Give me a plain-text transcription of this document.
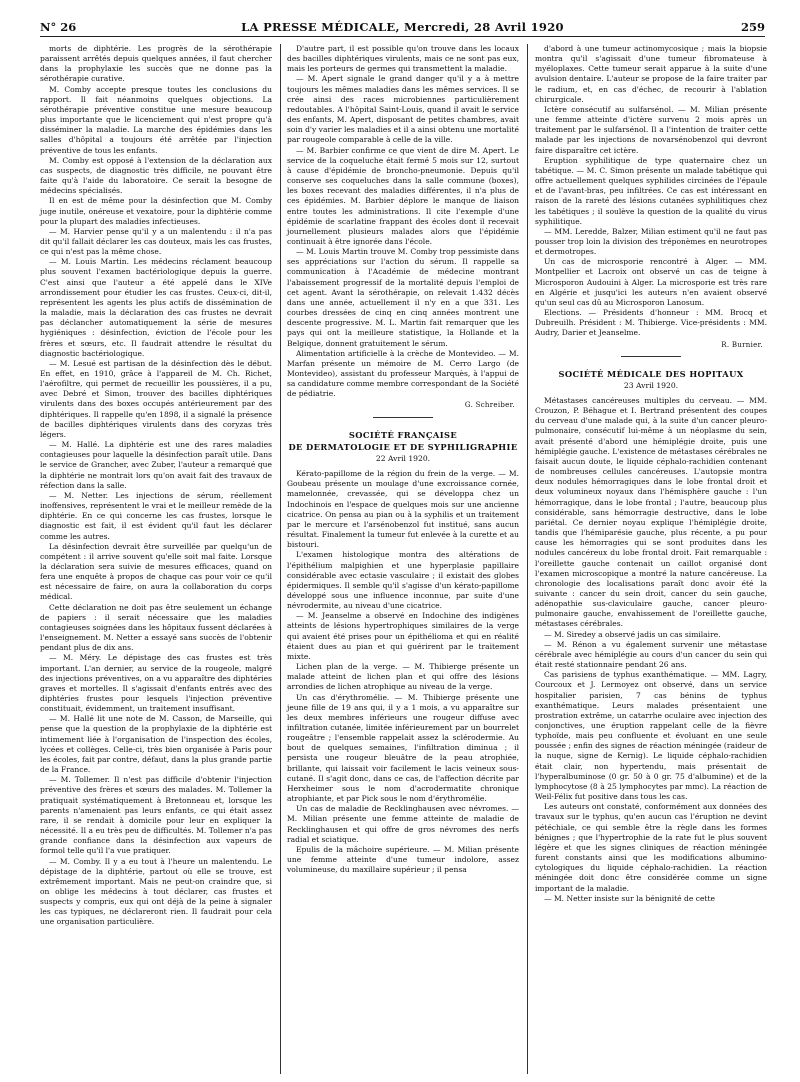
N° 26	LA PRESSE MÉDICALE, Mercredi, 28 Avril 1920	259

morts de diphtérie. Les progrès de la sérothérapie paraissent arrêtés depuis quelques années, il faut chercher dans la prophylaxie les succès que ne donne pas la sérothérapie curative.

M. Comby accepte presque toutes les conclusions du rapport. Il fait néanmoins quelques objections. La sérothérapie préventive constitue une mesure beaucoup plus importante que le licenciement qui n'est propre qu'à disséminer la maladie. La marche des épidémies dans les salles d'hôpital a toujours été arrêtée par l'injection préventive de tous les enfants.

M. Comby est opposé à l'extension de la déclaration aux cas suspects, de diagnostic très difficile, ne pouvant être faite qu'à l'aide du laboratoire. Ce serait la besogne de médecins spécialisés.

Il en est de même pour la désinfection que M. Comby juge inutile, onéreuse et vexatoire, pour la diphtérie comme pour la plupart des maladies infectieuses.

— M. Harvier pense qu'il y a un malentendu : il n'a pas dit qu'il fallait déclarer les cas douteux, mais les cas frustes, ce qui n'est pas la même chose.

— M. Louis Martin. Les médecins réclament beaucoup plus souvent l'examen bactériologique depuis la guerre. C'est ainsi que l'auteur a été appelé dans le XIVe arrondissement pour étudier les cas frustes. Ceux-ci, dit-il, représentent les agents les plus actifs de dissémination de la maladie, mais la déclaration des cas frustes ne devrait pas déclancher automatiquement la série de mesures hygiéniques : désinfection, éviction de l'école pour les frères et sœurs, etc. Il faudrait attendre le résultat du diagnostic bactériologique.

— M. Lesué est partisan de la désinfection dès le début. En effet, en 1910, grâce à l'appareil de M. Ch. Richet, l'aérofiltre, qui permet de recueillir les poussières, il a pu, avec Debré et Simon, trouver des bacilles diphtériques virulents dans des boxes occupés antérieurement par des diphtériques. Il rappelle qu'en 1898, il a signalé la présence de bacilles diphtériques virulents dans des coryzas très légers.

— M. Hallé. La diphtérie est une des rares maladies contagieuses pour laquelle la désinfection paraît utile. Dans le service de Grancher, avec Zuber, l'auteur a remarqué que la diphtérie ne montrait lors qu'on avait fait des travaux de réfection dans la salle.

— M. Netter. Les injections de sérum, réellement inoffensives, représentent le vrai et le meilleur remède de la diphtérie. En ce qui concerne les cas frustes, lorsque le diagnostic est fait, il est évident qu'il faut les déclarer comme les autres.

La désinfection devrait être surveillée par quelqu'un de compétent : il arrive souvent qu'elle soit mal faite. Lorsque la déclaration sera suivie de mesures efficaces, quand on fera une enquête à propos de chaque cas pour voir ce qu'il est nécessaire de faire, on aura la collaboration du corps médical.

Cette déclaration ne doit pas être seulement un échange de papiers : il serait nécessaire que les maladies contagieuses soignées dans les hôpitaux fussent déclarées à l'enseignement. M. Netter a essayé sans succès de l'obtenir pendant plus de dix ans.

— M. Méry. Le dépistage des cas frustes est très important. L'an dernier, au service de la rougeole, malgré des injections préventives, on a vu apparaître des diphtéries graves et mortelles. Il s'agissait d'enfants entrés avec des diphtéries frustes pour lesquels l'injection préventive constituait, évidemment, un traitement insuffisant.

— M. Hallé lit une note de M. Casson, de Marseille, qui pense que la question de la prophylaxie de la diphtérie est intimement liée à l'organisation de l'inspection des écoles, lycées et collèges. Celle-ci, très bien organisée à Paris pour les écoles, fait par contre, défaut, dans la plus grande partie de la France.

— M. Tollemer. Il n'est pas difficile d'obtenir l'injection préventive des frères et sœurs des malades. M. Tollemer la pratiquait systématiquement à Bretonneau et, lorsque les parents n'amenaient pas leurs enfants, ce qui était assez rare, il se rendait à domicile pour leur en expliquer la nécessité. Il a eu très peu de difficultés. M. Tollemer n'a pas grande confiance dans la désinfection aux vapeurs de formol telle qu'il l'a vue pratiquer.

— M. Comby. Il y a eu tout à l'heure un malentendu. Le dépistage de la diphtérie, partout où elle se trouve, est extrêmement important. Mais ne peut-on craindre que, si on oblige les médecins à tout déclarer, cas frustes et suspects y compris, eux qui ont déjà de la peine à signaler les cas typiques, ne déclareront rien. Il faudrait pour cela une organisation particulière.

D'autre part, il est possible qu'on trouve dans les locaux des bacilles diphtériques virulents, mais ce ne sont pas eux, mais les porteurs de germes qui transmettent la maladie.

— M. Apert signale le grand danger qu'il y a à mettre toujours les mêmes maladies dans les mêmes services. Il se crée ainsi des races microbiennes particulièrement redoutables. A l'hôpital Saint-Louis, quand il avait le service des enfants, M. Apert, disposant de petites chambres, avait soin d'y varier les maladies et il a ainsi obtenu une mortalité par rougeole comparable à celle de la ville.

— M. Barbier confirme ce que vient de dire M. Apert. Le service de la coqueluche était fermé 5 mois sur 12, surtout à cause d'épidémie de broncho-pneumonie. Depuis qu'il conserve ses coqueluches dans la salle commune (boxes), les boxes recevant des maladies différentes, il n'a plus de ces épidémies. M. Barbier déplore le manque de liaison entre toutes les administrations. Il cite l'exemple d'une épidémie de scarlatine frappant des écoles dont il recevait journellement plusieurs malades alors que l'épidémie continuait à être ignorée dans l'école.

— M. Louis Martin trouve M. Comby trop pessimiste dans ses appréciations sur l'action du sérum. Il rappelle sa communication à l'Académie de médecine montrant l'abaissement progressif de la mortalité depuis l'emploi de cet agent. Avant la sérothérapie, on relevait 1.432 décès dans une année, actuellement il n'y en a que 331. Les courbes dressées de cinq en cinq années montrent une descente progressive. M. L. Martin fait remarquer que les pays qui ont la meilleure statistique, la Hollande et la Belgique, donnent gratuitement le sérum.

Alimentation artificielle à la crèche de Montevideo. — M. Marfan présente un mémoire de M. Cerro Largo (de Montevideo), assistant du professeur Marquès, à l'appui de sa candidature comme membre correspondant de la Société de pédiatrie.

G. Schreiber.
SOCIÉTÉ FRANÇAISE
DE DERMATOLOGIE ET DE SYPHILIGRAPHIE
22 Avril 1920.

Kérato-papillome de la région du frein de la verge. — M. Goubeau présente un moulage d'une excroissance cornée, mamelonnée, crevassée, qui se développa chez un Indochinois en l'espace de quelques mois sur une ancienne cicatrice. On pensa au pian ou à la syphilis et un traitement par le mercure et l'arsénobenzol fut institué, sans aucun résultat. Finalement la tumeur fut enlevée à la curette et au bistouri.

L'examen histologique montra des altérations de l'épithélium malpighien et une hyperplasie papillaire considérable avec ectasie vasculaire ; il existait des globes épidermiques. Il semble qu'il s'agisse d'un kérato-papillome développé sous une influence inconnue, par suite d'une névrodermite, au niveau d'une cicatrice.

— M. Jeanselme a observé en Indochine des indigènes atteints de lésions hypertrophiques similaires de la verge qui avaient été prises pour un épithélioma et qui en réalité étaient dues au pian et qui guérirent par le traitement mixte.

Lichen plan de la verge. — M. Thibierge présente un malade atteint de lichen plan et qui offre des lésions arrondies de lichen atrophique au niveau de la verge.

Un cas d'érythromélie. — M. Thibierge présente une jeune fille de 19 ans qui, il y a 1 mois, a vu apparaître sur les deux membres inférieurs une rougeur diffuse avec infiltration cutanée, limitée inférieurement par un bourrelet rougeâtre ; l'ensemble rappelait assez la sclérodermie. Au bout de quelques semaines, l'infiltration diminua ; il persista une rougeur bleuâtre de la peau atrophiée, brillante, qui laissait voir facilement le lacis veineux sous-cutané. Il s'agit donc, dans ce cas, de l'affection décrite par Herxheimer sous le nom d'acrodermatite chronique atrophiante, et par Pick sous le nom d'érythromélie.

Un cas de maladie de Recklinghausen avec névromes. — M. Milian présente une femme atteinte de maladie de Recklinghausen et qui offre de gros névromes des nerfs radial et sciatique.

Epulis de la mâchoire supérieure. — M. Milian présente une femme atteinte d'une tumeur indolore, assez volumineuse, du maxillaire supérieur ; il pensa

d'abord à une tumeur actinomycosique ; mais la biopsie montra qu'il s'agissait d'une tumeur fibromateuse à myéloplaxes. Cette tumeur serait apparue à la suite d'une avulsion dentaire. L'auteur se propose de la faire traiter par le radium, et, en cas d'échec, de recourir à l'ablation chirurgicale.

Ictère consécutif au sulfarsénol. — M. Milian présente une femme atteinte d'ictère survenu 2 mois après un traitement par le sulfarsénol. Il a l'intention de traiter cette malade par les injections de novarsénobenzol qui devront faire disparaître cet ictère.

Eruption syphilitique de type quaternaire chez un tabétique. — M. C. Simon présente un malade tabétique qui offre actuellement quelques syphilides circinées de l'épaule et de l'avant-bras, peu infiltrées. Ce cas est intéressant en raison de la rareté des lésions cutanées syphilitiques chez les tabétiques ; il soulève la question de la qualité du virus syphilitique.

— MM. Leredde, Balzer, Milian estiment qu'il ne faut pas pousser trop loin la division des tréponèmes en neurotropes et dermotropes.

Un cas de microsporie rencontré à Alger. — MM. Montpellier et Lacroix ont observé un cas de teigne à Microsporon Audouini à Alger. La microsporie est très rare en Algérie et jusqu'ici les auteurs n'en avaient observé qu'un seul cas dû au Microsporon Lanosum.

Elections. — Présidents d'honneur : MM. Brocq et Dubreuilh. Président : M. Thibierge. Vice-présidents : MM. Audry, Darier et Jeanselme.

R. Burnier.
SOCIÉTÉ MÉDICALE DES HOPITAUX
23 Avril 1920.

Métastases cancéreuses multiples du cerveau. — MM. Crouzon, P. Béhague et I. Bertrand présentent des coupes du cerveau d'une malade qui, à la suite d'un cancer pleuro-pulmonaire, consécutif lui-même à un néoplasme du sein, avait présenté d'abord une hémiplégie droite, puis une hémiplégie gauche. L'existence de métastases cérébrales ne faisait aucun doute, le liquide céphalo-rachidien contenant de nombreuses cellules cancéreuses. L'autopsie montra deux nodules hémorragiques dans le lobe frontal droit et deux volumineux noyaux dans l'hémisphère gauche : l'un hémorragique, dans le lobe frontal ; l'autre, beaucoup plus considérable, sans hémorragie destructive, dans le lobe pariétal. Ce dernier noyau explique l'hémiplégie droite, tandis que l'hémiparésie gauche, plus récente, a pu pour cause les hémorragies qui se sont produites dans les nodules cancéreux du lobe frontal droit. Fait remarquable : l'oreillette gauche contenait un caillot organisé dont l'examen microscopique a montré la nature cancéreuse. La chronologie des localisations paraît donc avoir été la suivante : cancer du sein droit, cancer du sein gauche, adénopathie sus-claviculaire gauche, cancer pleuro-pulmonaire gauche, envahissement de l'oreillette gauche, métastases cérébrales.

— M. Siredey a observé jadis un cas similaire.

— M. Rénon a vu également survenir une métastase cérébrale avec hémiplégie au cours d'un cancer du sein qui était resté stationnaire pendant 26 ans.

Cas parisiens de typhus exanthématique. — MM. Lagry, Courcoux et J. Lermoyez ont observé, dans un service hospitalier parisien, 7 cas bénins de typhus exanthématique. Leurs malades présentaient une prostration extrême, un catarrhe oculaire avec injection des conjonctives, une éruption rappelant celle de la fièvre typhoïde, mais peu confluente et évoluant en une seule poussée ; enfin des signes de réaction méningée (raideur de la nuque, signe de Kernig). Le liquide céphalo-rachidien était clair, non hypertendu, mais présentait de l'hyperalbuminose (0 gr. 50 à 0 gr. 75 d'albumine) et de la lymphocytose (8 à 25 lymphocytes par mmc). La réaction de Weil-Félix fut positive dans tous les cas.

Les auteurs ont constaté, conformément aux données des travaux sur le typhus, qu'en aucun cas l'éruption ne devint pétéchiale, ce qui semble être la règle dans les formes bénignes ; que l'hypertrophie de la rate fut le plus souvent légère et que les signes cliniques de réaction méningée furent constants ainsi que les modifications albumino-cytologiques du liquide céphalo-rachidien. La réaction méningée doit donc être considérée comme un signe important de la maladie.

— M. Netter insiste sur la bénignité de cette
